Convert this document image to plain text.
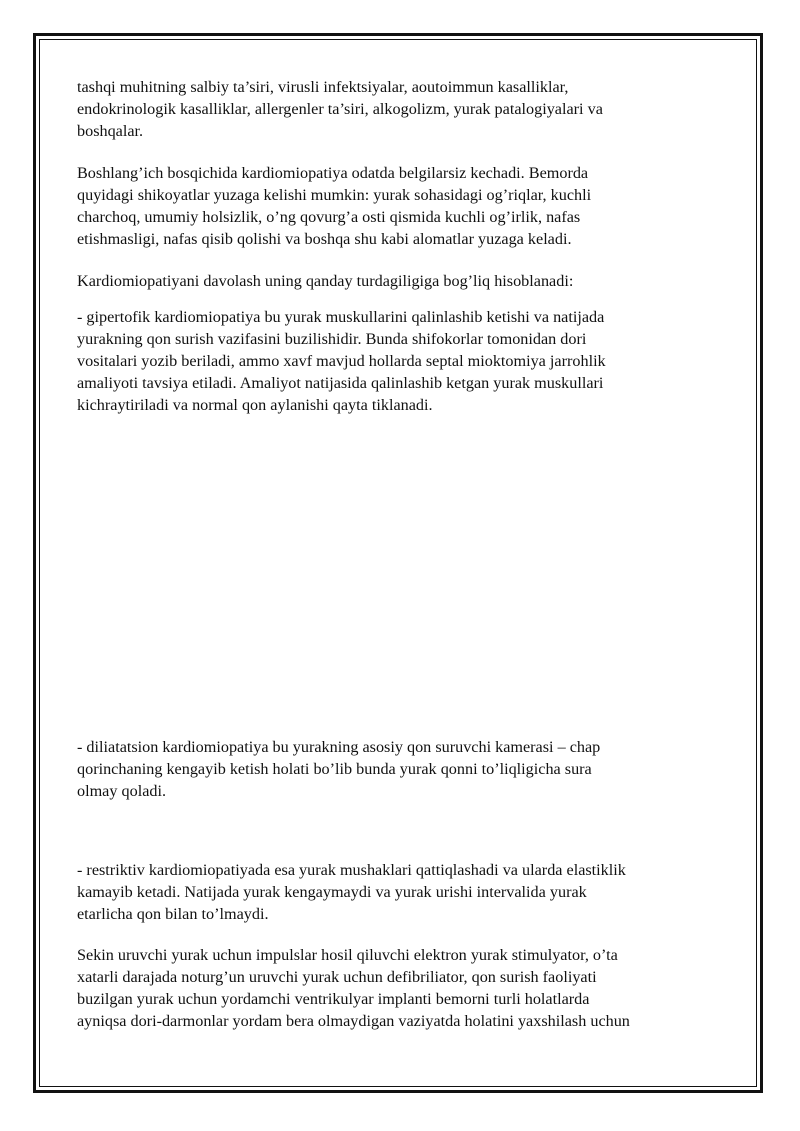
tashqi muhitning salbiy ta’siri, virusli infektsiyalar, aoutoimmun kasalliklar,
endokrinologik kasalliklar, allergenler ta’siri, alkogolizm, yurak patalogiyalari va
boshqalar.

Boshlang’ich bosqichida kardiomiopatiya odatda belgilarsiz kechadi. Bemorda
quyidagi shikoyatlar yuzaga kelishi mumkin: yurak sohasidagi og’riqlar, kuchli
charchoq, umumiy holsizlik, o’ng qovurg’a osti qismida kuchli og’irlik, nafas
etishmasligi, nafas qisib qolishi va boshqa shu kabi alomatlar yuzaga keladi.

Kardiomiopatiyani davolash uning qanday turdagiligiga bog’liq hisoblanadi:

- gipertofik kardiomiopatiya bu yurak muskullarini qalinlashib ketishi va natijada
yurakning qon surish vazifasini buzilishidir. Bunda shifokorlar tomonidan dori
vositalari yozib beriladi, ammo xavf mavjud hollarda septal mioktomiya jarrohlik
amaliyoti tavsiya etiladi. Amaliyot natijasida qalinlashib ketgan yurak muskullari
kichraytiriladi va normal qon aylanishi qayta tiklanadi.

- diliatatsion kardiomiopatiya bu yurakning asosiy qon suruvchi kamerasi – chap
qorinchaning kengayib ketish holati bo’lib bunda yurak qonni to’liqligicha sura
olmay qoladi.

- restriktiv kardiomiopatiyada esa yurak mushaklari qattiqlashadi va ularda elastiklik
kamayib ketadi. Natijada yurak kengaymaydi va yurak urishi intervalida yurak
etarlicha qon bilan to’lmaydi.

Sekin uruvchi yurak uchun impulslar hosil qiluvchi elektron yurak stimulyator, o’ta
xatarli darajada noturg’un uruvchi yurak uchun defibriliator, qon surish faoliyati
buzilgan yurak uchun yordamchi ventrikulyar implanti bemorni turli holatlarda
ayniqsa dori-darmonlar yordam bera olmaydigan vaziyatda holatini yaxshilash uchun
